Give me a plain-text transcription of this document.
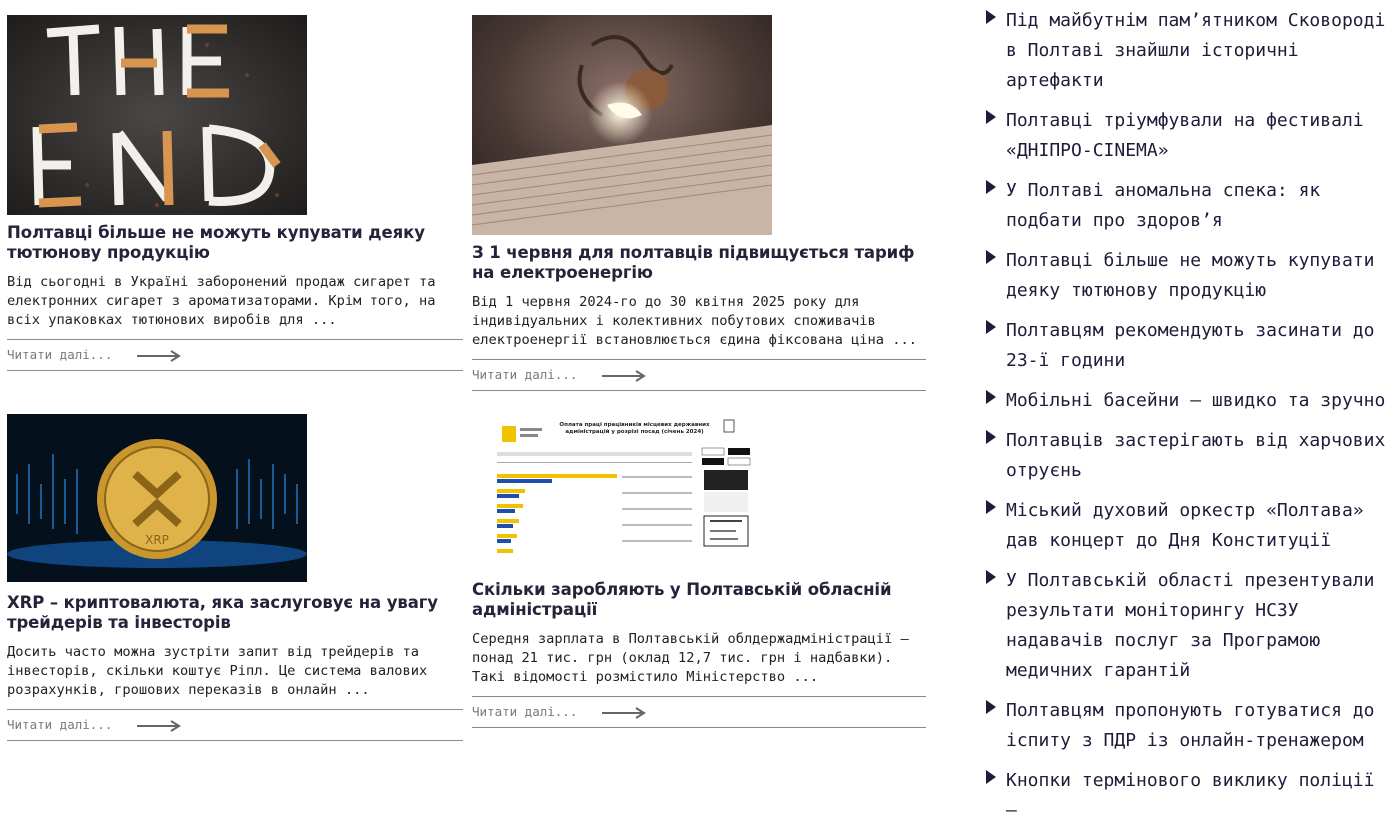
Полтавці більше не можуть купувати деяку тютюнову продукцію

Від сьогодні в Україні заборонений продаж сигарет та електронних сигарет з ароматизаторами. Крім того, на всіх упаковках тютюнових виробів для ...

Читати далі...
З 1 червня для полтавців підвищується тариф на електроенергію

Від 1 червня 2024-го до 30 квітня 2025 року для індивідуальних і колективних побутових споживачів електроенергії встановлюється єдина фіксована ціна ...

Читати далі...
XRP
XRP – криптовалюта, яка заслуговує на увагу трейдерів та інвесторів

Досить часто можна зустріти запит від трейдерів та інвесторів, скільки коштує Ріпл. Це система валових розрахунків, грошових переказів в онлайн ...

Читати далі...
Оплата праці працівників місцевих державних адміністрацій у розрізі посад (січень 2024)
Скільки заробляють у Полтавській обласній адміністрації

Середня зарплата в Полтавській облдержадміністрації – понад 21 тис. грн (оклад 12,7 тис. грн і надбавки). Такі відомості розмістило Міністерство ...

Читати далі...
Під майбутнім пам’ятником Сковороді в Полтаві знайшли історичні артефакти
Полтавці тріумфували на фестивалі «ДНІПРО-CINEMA»
У Полтаві аномальна спека: як подбати про здоров’я
Полтавці більше не можуть купувати деяку тютюнову продукцію
Полтавцям рекомендують засинати до 23-ї години
Мобільні басейни – швидко та зручно
Полтавців застерігають від харчових отруєнь
Міський духовий оркестр «Полтава» дав концерт до Дня Конституції
У Полтавській області презентували результати моніторингу НСЗУ надавачів послуг за Програмою медичних гарантій
Полтавцям пропонують готуватися до іспиту з ПДР із онлайн-тренажером
Кнопки термінового виклику поліції –
